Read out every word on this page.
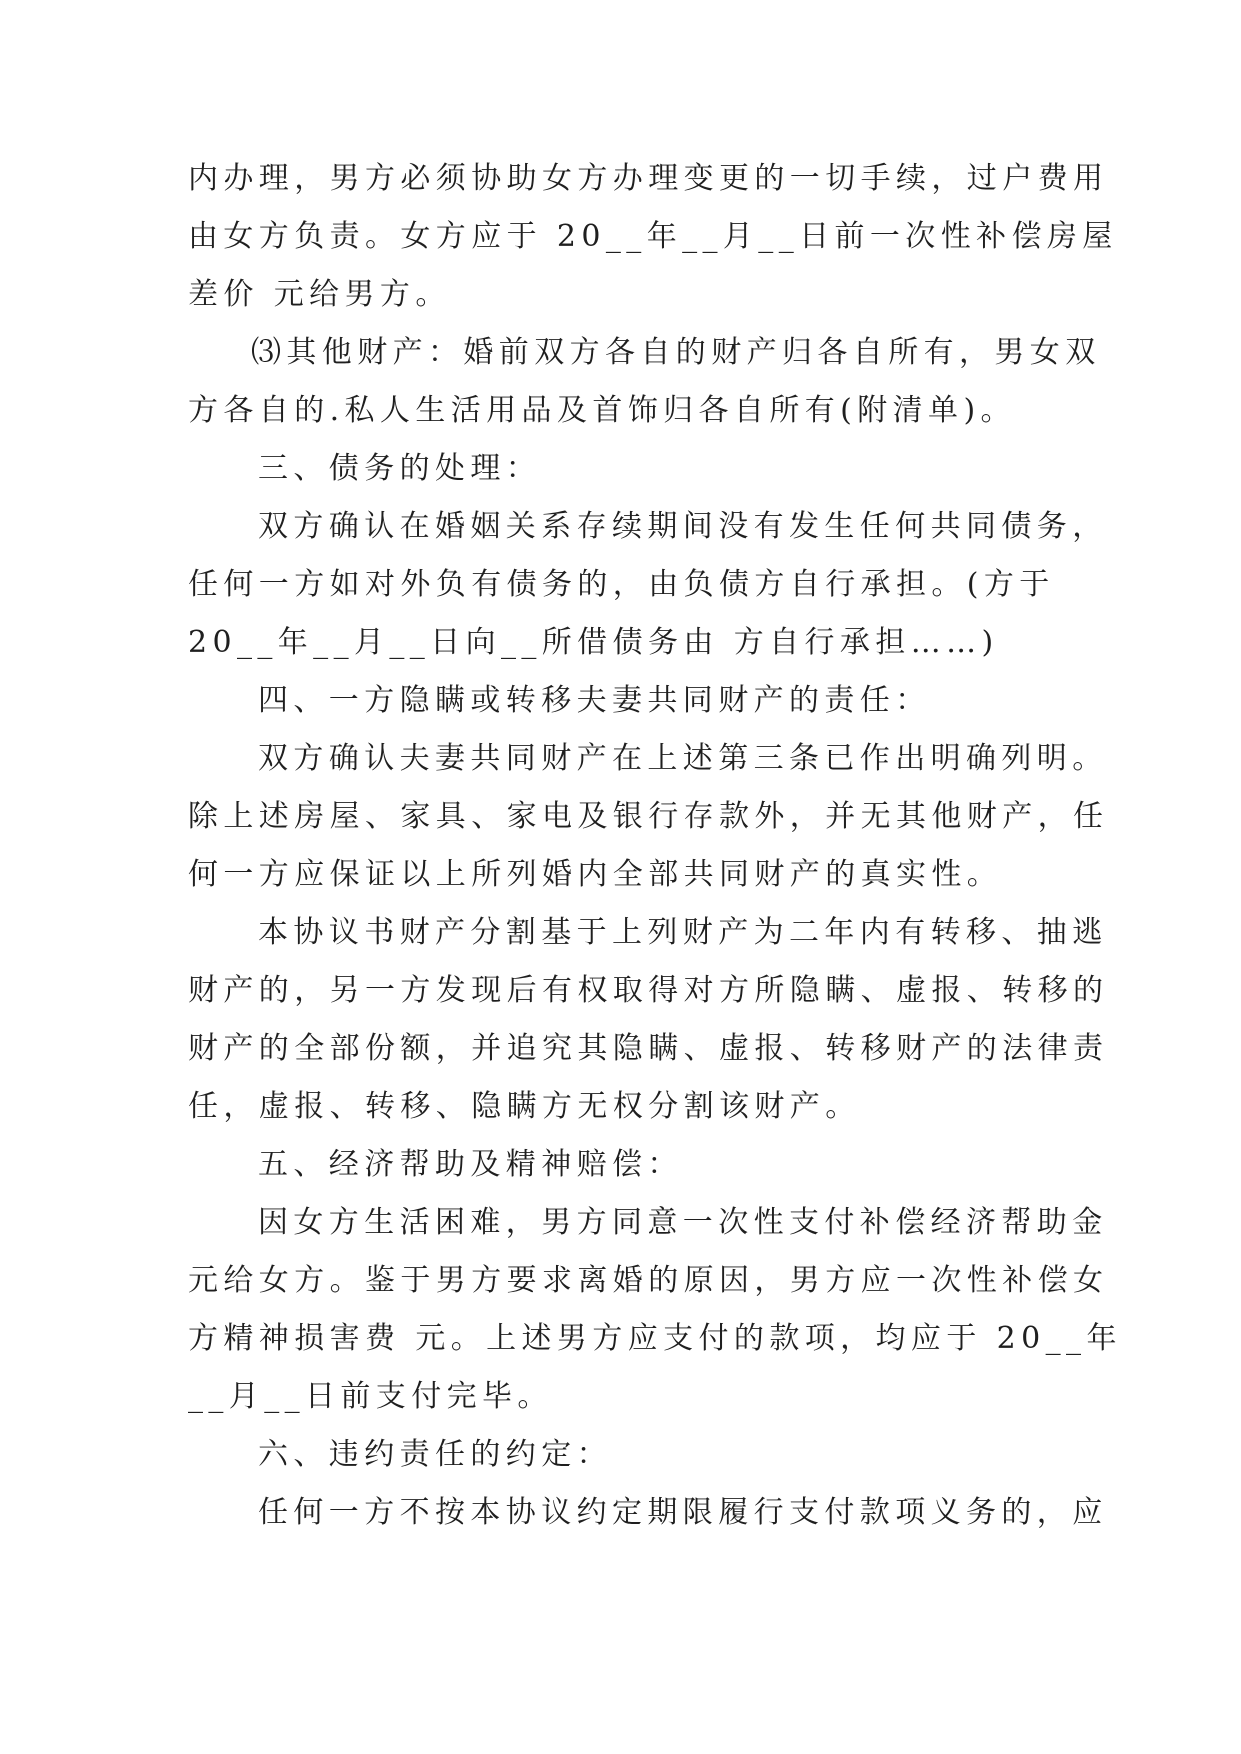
内办理，男方必须协助女方办理变更的一切手续，过户费用
由女方负责。女方应于 20__年__月__日前一次性补偿房屋
差价 元给男方。
⑶其他财产：婚前双方各自的财产归各自所有，男女双
方各自的.私人生活用品及首饰归各自所有(附清单)。
三、债务的处理：
双方确认在婚姻关系存续期间没有发生任何共同债务，
任何一方如对外负有债务的，由负债方自行承担。(方于
20__年__月__日向__所借债务由 方自行承担……)
四、一方隐瞒或转移夫妻共同财产的责任：
双方确认夫妻共同财产在上述第三条已作出明确列明。
除上述房屋、家具、家电及银行存款外，并无其他财产，任
何一方应保证以上所列婚内全部共同财产的真实性。
本协议书财产分割基于上列财产为二年内有转移、抽逃
财产的，另一方发现后有权取得对方所隐瞒、虚报、转移的
财产的全部份额，并追究其隐瞒、虚报、转移财产的法律责
任，虚报、转移、隐瞒方无权分割该财产。
五、经济帮助及精神赔偿：
因女方生活困难，男方同意一次性支付补偿经济帮助金
元给女方。鉴于男方要求离婚的原因，男方应一次性补偿女
方精神损害费 元。上述男方应支付的款项，均应于 20__年
__月__日前支付完毕。
六、违约责任的约定：
任何一方不按本协议约定期限履行支付款项义务的，应
